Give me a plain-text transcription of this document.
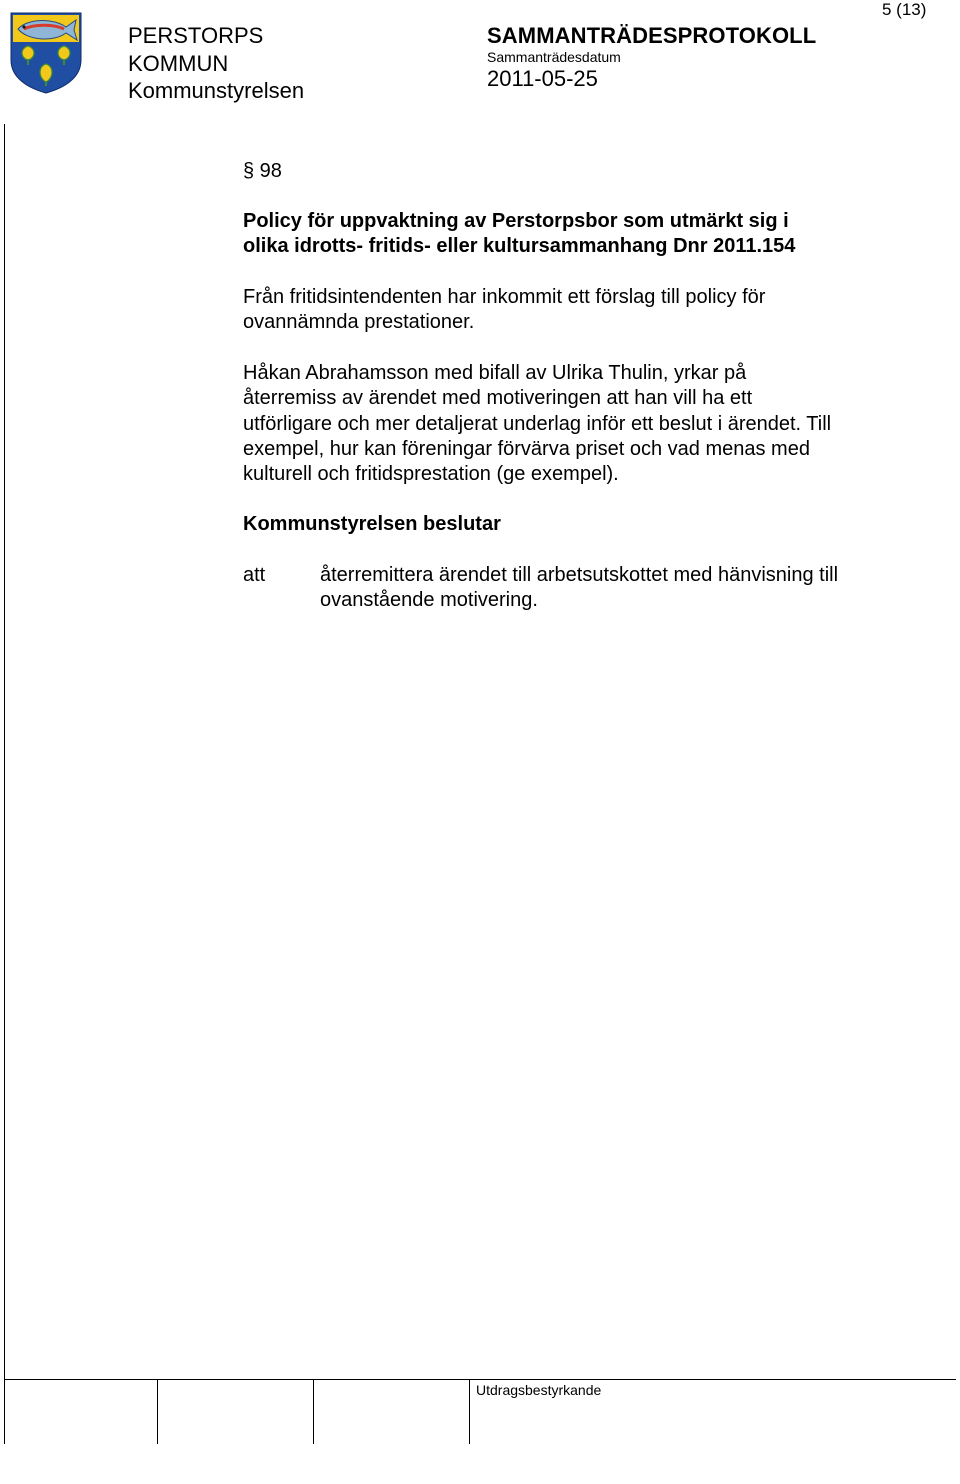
PERSTORPS
KOMMUN
Kommunstyrelsen
SAMMANTRÄDESPROTOKOLL
Sammanträdesdatum
2011-05-25
5 (13)
Utdragsbestyrkande
§ 98
Policy för uppvaktning av Perstorpsbor som utmärkt sig i
olika idrotts- fritids- eller kultursammanhang Dnr 2011.154
Från fritidsintendenten har inkommit ett förslag till policy för
ovannämnda prestationer.
Håkan Abrahamsson med bifall av Ulrika Thulin, yrkar på
återremiss av ärendet med motiveringen att han vill ha ett
utförligare och mer detaljerat underlag inför ett beslut i ärendet. Till
exempel, hur kan föreningar förvärva priset och vad menas med
kulturell och fritidsprestation (ge exempel).
Kommunstyrelsen beslutar
att	återremittera ärendet till arbetsutskottet med hänvisning till
ovanstående motivering.
